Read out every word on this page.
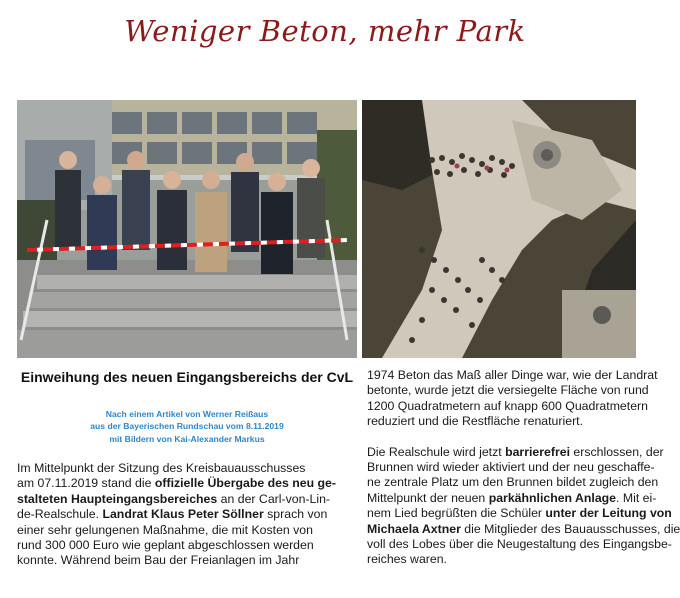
Weniger Beton, mehr Park
Einweihung des neuen Eingangsbereichs der CvL
Nach einem Artikel von Werner Reißaus
aus der Bayerischen Rundschau vom 8.11.2019
mit Bildern von Kai-Alexander Markus
Im Mittelpunkt der Sitzung des Kreisbauausschusses
am 07.11.2019 stand die offizielle Übergabe des neu ge-
stalteten Haupteingangsbereiches an der Carl-von-Lin-
de-Realschule. Landrat Klaus Peter Söllner sprach von
einer sehr gelungenen Maßnahme, die mit Kosten von
rund 300 000 Euro wie geplant abgeschlossen werden
konnte. Während beim Bau der Freianlagen im Jahr
1974 Beton das Maß aller Dinge war, wie der Landrat
betonte, wurde jetzt die versiegelte Fläche von rund
1200 Quadratmetern auf knapp 600 Quadratmetern
reduziert und die Restfläche renaturiert.
Die Realschule wird jetzt barrierefrei erschlossen, der
Brunnen wird wieder aktiviert und der neu geschaffe-
ne zentrale Platz um den Brunnen bildet zugleich den
Mittelpunkt der neuen parkähnlichen Anlage. Mit ei-
nem Lied begrüßten die Schüler unter der Leitung von
Michaela Axtner die Mitglieder des Bauausschusses, die
voll des Lobes über die Neugestaltung des Eingangsbe-
reiches waren.
